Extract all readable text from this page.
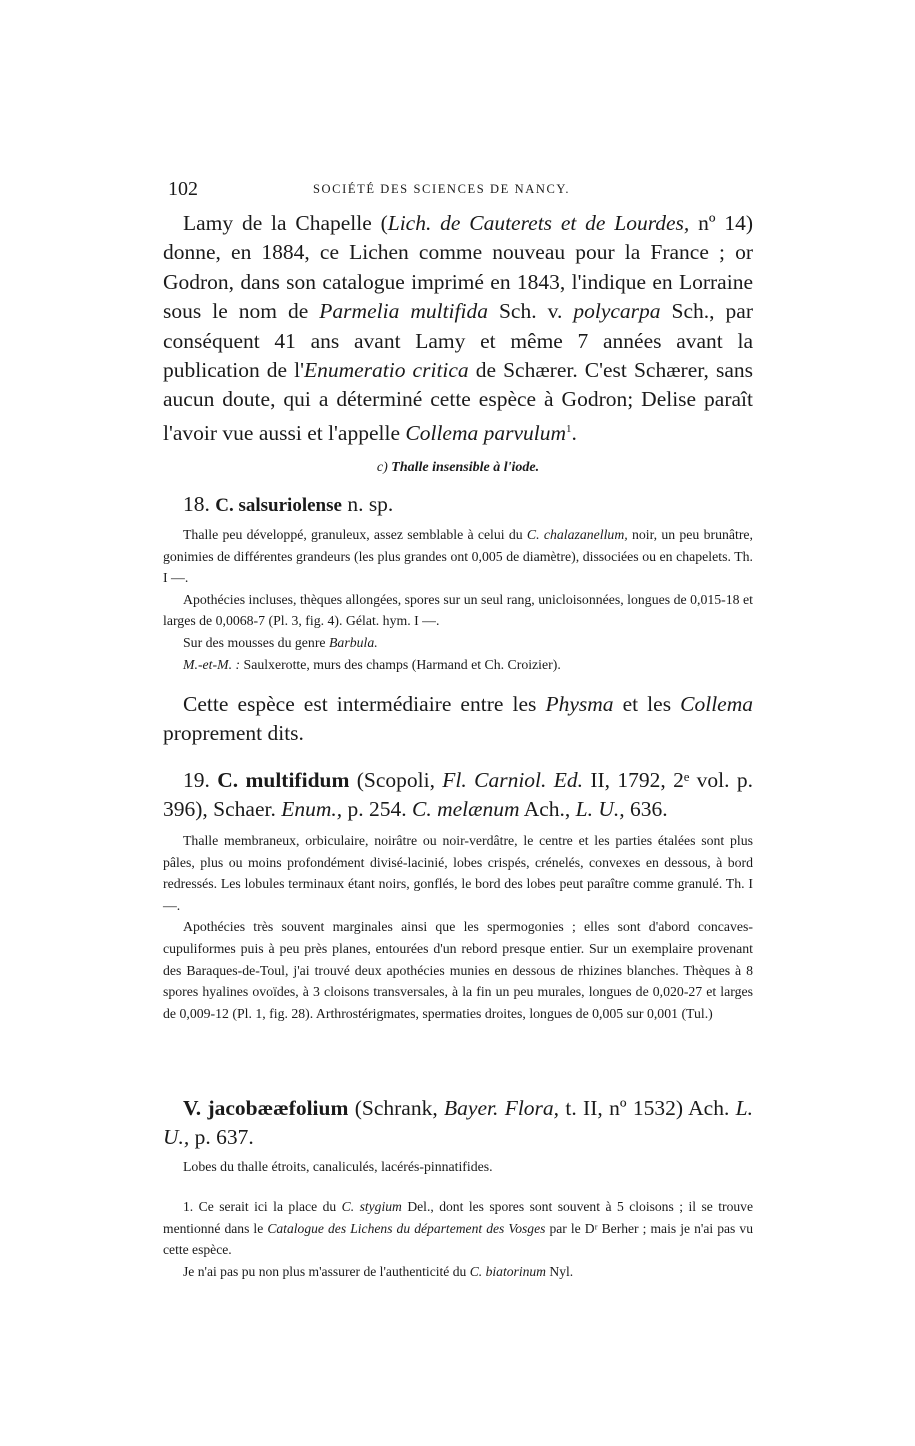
102	SOCIÉTÉ DES SCIENCES DE NANCY.

Lamy de la Chapelle (Lich. de Cauterets et de Lourdes, nº 14) donne, en 1884, ce Lichen comme nouveau pour la France ; or Godron, dans son catalogue imprimé en 1843, l'indique en Lorraine sous le nom de Parmelia multifida Sch. v. polycarpa Sch., par conséquent 41 ans avant Lamy et même 7 années avant la publication de l'Enumeratio critica de Schærer. C'est Schærer, sans aucun doute, qui a déterminé cette espèce à Godron; Delise paraît l'avoir vue aussi et l'appelle Collema parvulum$^1$.

c) Thalle insensible à l'iode.

18. C. salsuriolense n. sp.

Thalle peu développé, granuleux, assez semblable à celui du C. chalazanellum, noir, un peu brunâtre, gonimies de différentes grandeurs (les plus grandes ont 0,005 de diamètre), dissociées ou en chapelets. Th. I —.

Apothécies incluses, thèques allongées, spores sur un seul rang, unicloisonnées, longues de 0,015-18 et larges de 0,0068-7 (Pl. 3, fig. 4). Gélat. hym. I —.

Sur des mousses du genre Barbula.

M.-et-M. : Saulxerotte, murs des champs (Harmand et Ch. Croizier).

Cette espèce est intermédiaire entre les Physma et les Collema proprement dits.

19. C. multifidum (Scopoli, Fl. Carniol. Ed. II, 1792, 2ᵉ vol. p. 396), Schaer. Enum., p. 254. C. melænum Ach., L. U., 636.

Thalle membraneux, orbiculaire, noirâtre ou noir-verdâtre, le centre et les parties étalées sont plus pâles, plus ou moins profondément divisé-lacinié, lobes crispés, crénelés, convexes en dessous, à bord redressés. Les lobules terminaux étant noirs, gonflés, le bord des lobes peut paraître comme granulé. Th. I —.

Apothécies très souvent marginales ainsi que les spermogonies ; elles sont d'abord concaves-cupuliformes puis à peu près planes, entourées d'un rebord presque entier. Sur un exemplaire provenant des Baraques-de-Toul, j'ai trouvé deux apothécies munies en dessous de rhizines blanches. Thèques à 8 spores hyalines ovoïdes, à 3 cloisons transversales, à la fin un peu murales, longues de 0,020-27 et larges de 0,009-12 (Pl. 1, fig. 28). Arthrostérigmates, spermaties droites, longues de 0,005 sur 0,001 (Tul.)

V. jacobææfolium (Schrank, Bayer. Flora, t. II, nº 1532) Ach. L. U., p. 637.

Lobes du thalle étroits, canaliculés, lacérés-pinnatifides.

1. Ce serait ici la place du C. stygium Del., dont les spores sont souvent à 5 cloisons ; il se trouve mentionné dans le Catalogue des Lichens du département des Vosges par le Dʳ Berher ; mais je n'ai pas vu cette espèce.

Je n'ai pas pu non plus m'assurer de l'authenticité du C. biatorinum Nyl.
